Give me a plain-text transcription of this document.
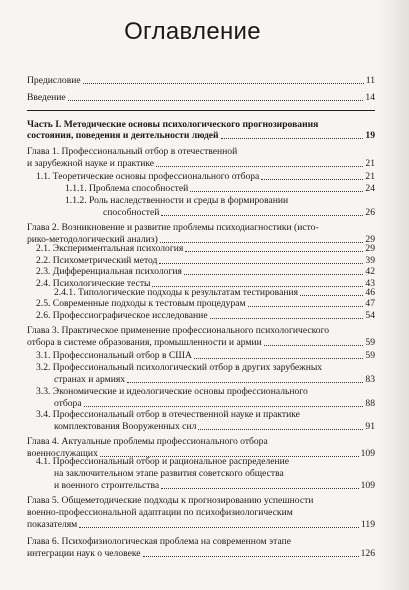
Оглавление
Предисловие	11
Введение	14
Часть I. Методические основы психологического прогнозирования
состояния, поведения и деятельности людей	19
Глава 1. Профессиональный отбор в отечественной
и зарубежной науке и практике	21
1.1. Теоретические основы профессионального отбора	21
1.1.1. Проблема способностей	24
1.1.2. Роль наследственности и среды в формировании
способностей	26
Глава 2. Возникновение и развитие проблемы психодиагностики (исто-
рико-методологический анализ)	29
2.1. Экспериментальная психология	29
2.2. Психометрический метод	39
2.3. Дифференциальная психология	42
2.4. Психологические тесты	43
2.4.1. Типологические подходы к результатам тестирования	46
2.5. Современные подходы к тестовым процедурам	47
2.6. Профессиографическое исследование	54
Глава 3. Практическое применение профессионального психологического
отбора в системе образования, промышленности и армии	59
3.1. Профессиональный отбор в США	59
3.2. Профессиональный психологический отбор в других зарубежных
странах и армиях	83
3.3. Экономические и идеологические основы профессионального
отбора	88
3.4. Профессиональный отбор в отечественной науке и практике
комплектования Вооруженных сил	91
Глава 4. Актуальные проблемы профессионального отбора
военнослужащих	109
4.1. Профессиональный отбор и рациональное распределение
на заключительном этапе развития советского общества
и военного строительства	109
Глава 5. Общеметодические подходы к прогнозированию успешности
военно-профессиональной адаптации по психофизиологическим
показателям	119
Глава 6. Психофизиологическая проблема на современном этапе
интеграции наук о человеке	126
